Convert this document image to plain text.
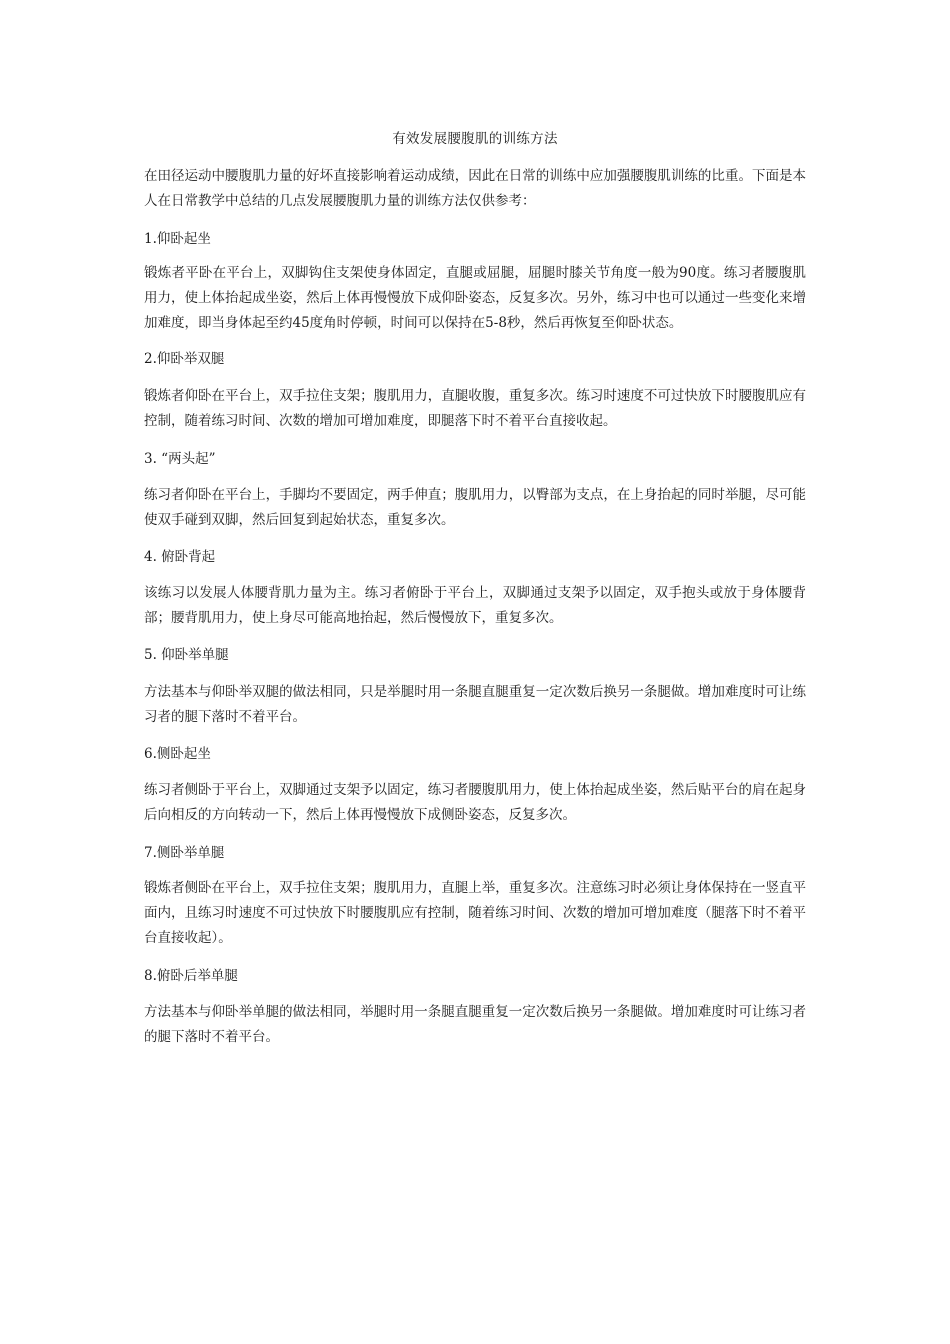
有效发展腰腹肌的训练方法

在田径运动中腰腹肌力量的好坏直接影响着运动成绩，因此在日常的训练中应加强腰腹肌训练的比重。下面是本人在日常教学中总结的几点发展腰腹肌力量的训练方法仅供参考：

1.仰卧起坐

锻炼者平卧在平台上，双脚钩住支架使身体固定，直腿或屈腿，屈腿时膝关节角度一般为90度。练习者腰腹肌用力，使上体抬起成坐姿，然后上体再慢慢放下成仰卧姿态，反复多次。另外，练习中也可以通过一些变化来增加难度，即当身体起至约45度角时停顿，时间可以保持在5-8秒，然后再恢复至仰卧状态。

2.仰卧举双腿

锻炼者仰卧在平台上，双手拉住支架；腹肌用力，直腿收腹，重复多次。练习时速度不可过快放下时腰腹肌应有控制，随着练习时间、次数的增加可增加难度，即腿落下时不着平台直接收起。

3. “两头起”

练习者仰卧在平台上，手脚均不要固定，两手伸直；腹肌用力，以臀部为支点，在上身抬起的同时举腿，尽可能使双手碰到双脚，然后回复到起始状态，重复多次。

4. 俯卧背起

该练习以发展人体腰背肌力量为主。练习者俯卧于平台上，双脚通过支架予以固定，双手抱头或放于身体腰背部；腰背肌用力，使上身尽可能高地抬起，然后慢慢放下，重复多次。

5. 仰卧举单腿

方法基本与仰卧举双腿的做法相同，只是举腿时用一条腿直腿重复一定次数后换另一条腿做。增加难度时可让练习者的腿下落时不着平台。

6.侧卧起坐

练习者侧卧于平台上，双脚通过支架予以固定，练习者腰腹肌用力，使上体抬起成坐姿，然后贴平台的肩在起身后向相反的方向转动一下，然后上体再慢慢放下成侧卧姿态，反复多次。

7.侧卧举单腿

锻炼者侧卧在平台上，双手拉住支架；腹肌用力，直腿上举，重复多次。注意练习时必须让身体保持在一竖直平面内，且练习时速度不可过快放下时腰腹肌应有控制，随着练习时间、次数的增加可增加难度（腿落下时不着平台直接收起）。

8.俯卧后举单腿

方法基本与仰卧举单腿的做法相同，举腿时用一条腿直腿重复一定次数后换另一条腿做。增加难度时可让练习者的腿下落时不着平台。
